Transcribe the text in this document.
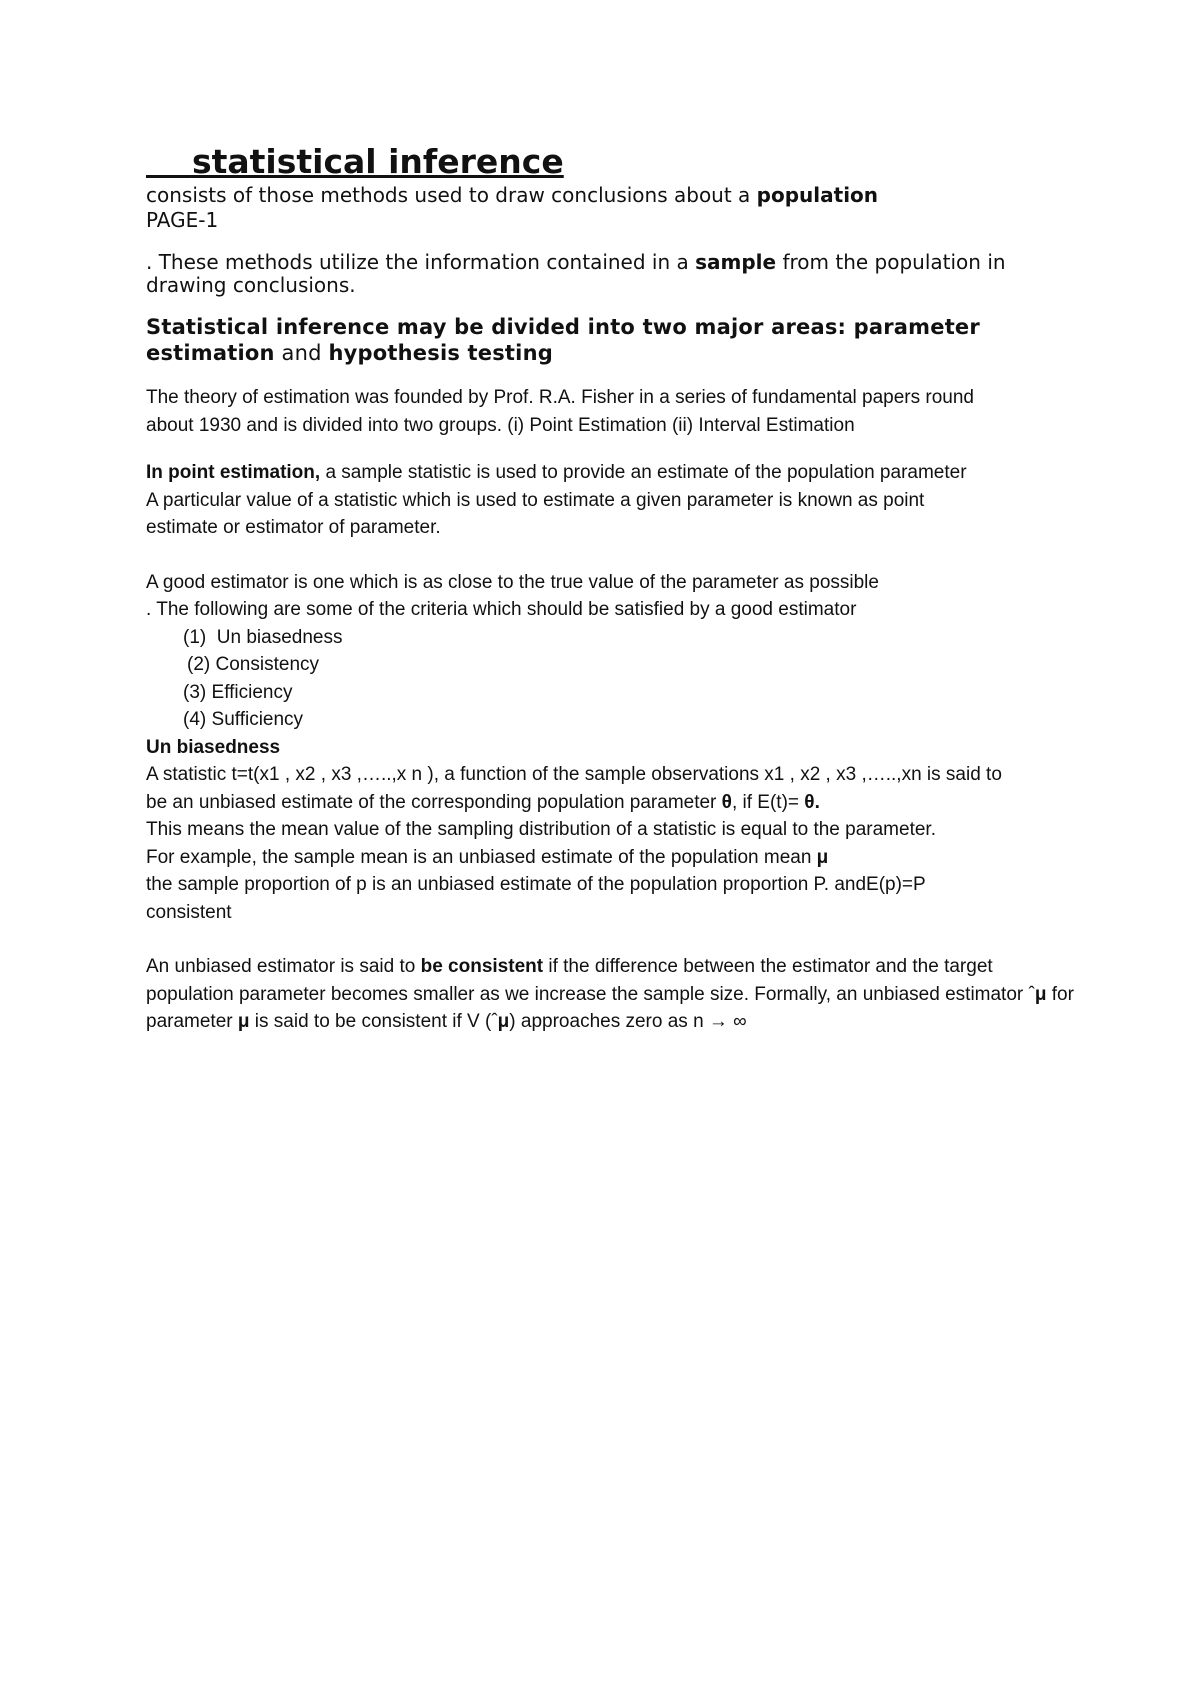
statistical inference

consists of those methods used to draw conclusions about a population

PAGE-1

. These methods utilize the information contained in a sample from the population in drawing conclusions.

Statistical inference may be divided into two major areas: parameter estimation and hypothesis testing

The theory of estimation was founded by Prof. R.A. Fisher in a series of fundamental papers round
about 1930 and is divided into two groups. (i) Point Estimation (ii) Interval Estimation

In point estimation, a sample statistic is used to provide an estimate of the population parameter
A particular value of a statistic which is used to estimate a given parameter is known as point
estimate or estimator of parameter.

A good estimator is one which is as close to the true value of the parameter as possible
. The following are some of the criteria which should be satisfied by a good estimator

(1) Un biasedness
(2) Consistency
(3) Efficiency
(4) Sufficiency

Un biasedness

A statistic t=t(x1 , x2 , x3 ,…..,x n ), a function of the sample observations x1 , x2 , x3 ,…..,xn is said to
be an unbiased estimate of the corresponding population parameter θ, if E(t)= θ.
This means the mean value of the sampling distribution of a statistic is equal to the parameter.
For example, the sample mean is an unbiased estimate of the population mean μ
the sample proportion of p is an unbiased estimate of the population proportion P. andE(p)=P
consistent

An unbiased estimator is said to be consistent if the difference between the estimator and the target population parameter becomes smaller as we increase the sample size. Formally, an unbiased estimator ˆμ for parameter μ is said to be consistent if V (ˆμ) approaches zero as n → ∞
